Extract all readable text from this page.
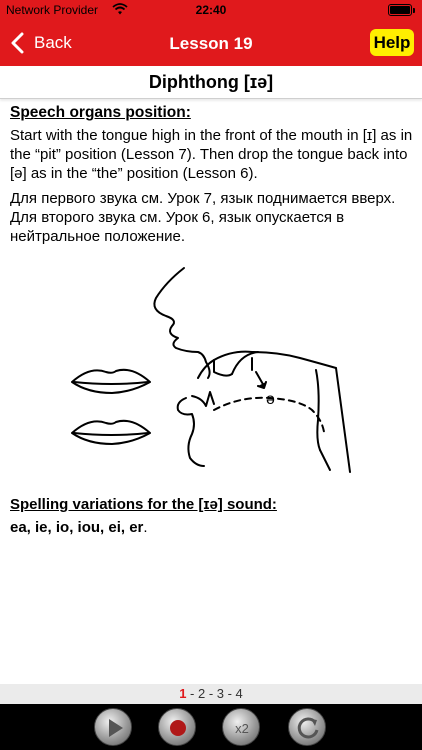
Network Provider	22:40
Back	Lesson 19	Help
Diphthong [ɪə]
Speech organs position:
Start with the tongue high in the front of the mouth in [ɪ] as in the “pit” position (Lesson 7). Then drop the tongue back into [ə] as in the “the” position (Lesson 6).
Для первого звука см. Урок 7, язык поднимается вверх. Для второго звука см. Урок 6, язык опускается в нейтральное положение.
ə
Spelling variations for the [ɪə] sound:
ea, ie, io, iou, ei, er.
1 - 2 - 3 - 4
x2
